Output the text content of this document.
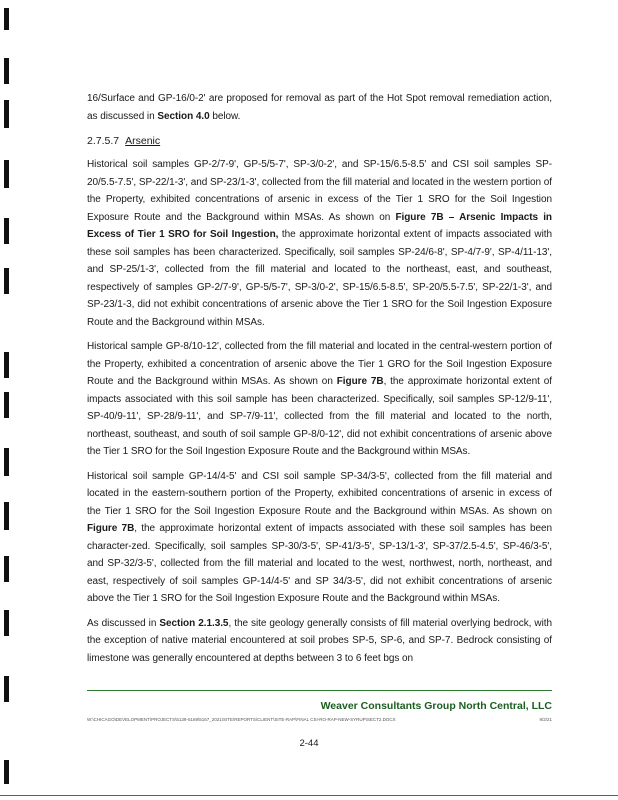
16/Surface and GP-16/0-2' are proposed for removal as part of the Hot Spot removal remediation action, as discussed in Section 4.0 below.

2.7.5.7 Arsenic

Historical soil samples GP-2/7-9', GP-5/5-7', SP-3/0-2', and SP-15/6.5-8.5' and CSI soil samples SP-20/5.5-7.5', SP-22/1-3', and SP-23/1-3', collected from the fill material and located in the western portion of the Property, exhibited concentrations of arsenic in excess of the Tier 1 SRO for the Soil Ingestion Exposure Route and the Background within MSAs. As shown on Figure 7B – Arsenic Impacts in Excess of Tier 1 SRO for Soil Ingestion, the approximate horizontal extent of impacts associated with these soil samples has been characterized. Specifically, soil samples SP-24/6-8', SP-4/7-9', SP-4/11-13', and SP-25/1-3', collected from the fill material and located to the northeast, east, and southeast, respectively of samples GP-2/7-9', GP-5/5-7', SP-3/0-2', SP-15/6.5-8.5', SP-20/5.5-7.5', SP-22/1-3', and SP-23/1-3, did not exhibit concentrations of arsenic above the Tier 1 SRO for the Soil Ingestion Exposure Route and the Background within MSAs.

Historical sample GP-8/10-12', collected from the fill material and located in the central-western portion of the Property, exhibited a concentration of arsenic above the Tier 1 GRO for the Soil Ingestion Exposure Route and the Background within MSAs. As shown on Figure 7B, the approximate horizontal extent of impacts associated with this soil sample has been characterized. Specifically, soil samples SP-12/9-11', SP-40/9-11', SP-28/9-11', and SP-7/9-11', collected from the fill material and located to the north, northeast, southeast, and south of soil sample GP-8/0-12', did not exhibit concentrations of arsenic above the Tier 1 SRO for the Soil Ingestion Exposure Route and the Background within MSAs.

Historical soil sample GP-14/4-5' and CSI soil sample SP-34/3-5', collected from the fill material and located in the eastern-southern portion of the Property, exhibited concentrations of arsenic in excess of the Tier 1 SRO for the Soil Ingestion Exposure Route and the Background within MSAs. As shown on Figure 7B, the approximate horizontal extent of impacts associated with these soil samples has been character-zed. Specifically, soil samples SP-30/3-5', SP-41/3-5', SP-13/1-3', SP-37/2.5-4.5', SP-46/3-5', and SP-32/3-5', collected from the fill material and located to the west, northwest, north, northeast, and east, respectively of soil samples GP-14/4-5' and SP 34/3-5', did not exhibit concentrations of arsenic above the Tier 1 SRO for the Soil Ingestion Exposure Route and the Background within MSAs.

As discussed in Section 2.1.3.5, the site geology generally consists of fill material overlying bedrock, with the exception of native material encountered at soil probes SP-5, SP-6, and SP-7. Bedrock consisting of limestone was generally encountered at depths between 3 to 6 feet bgs on

Weaver Consultants Group North Central, LLC
W:\CHICAGO\DEVELOPMENT\PROJECTS\5139-5169\5167_2021\SITE\REPORTS\CLIENT\SITE-RAP\FINAL CSI-RO-RAP-NEW-SYRUP\SECT2.DOCX	9/2/21
2-44
